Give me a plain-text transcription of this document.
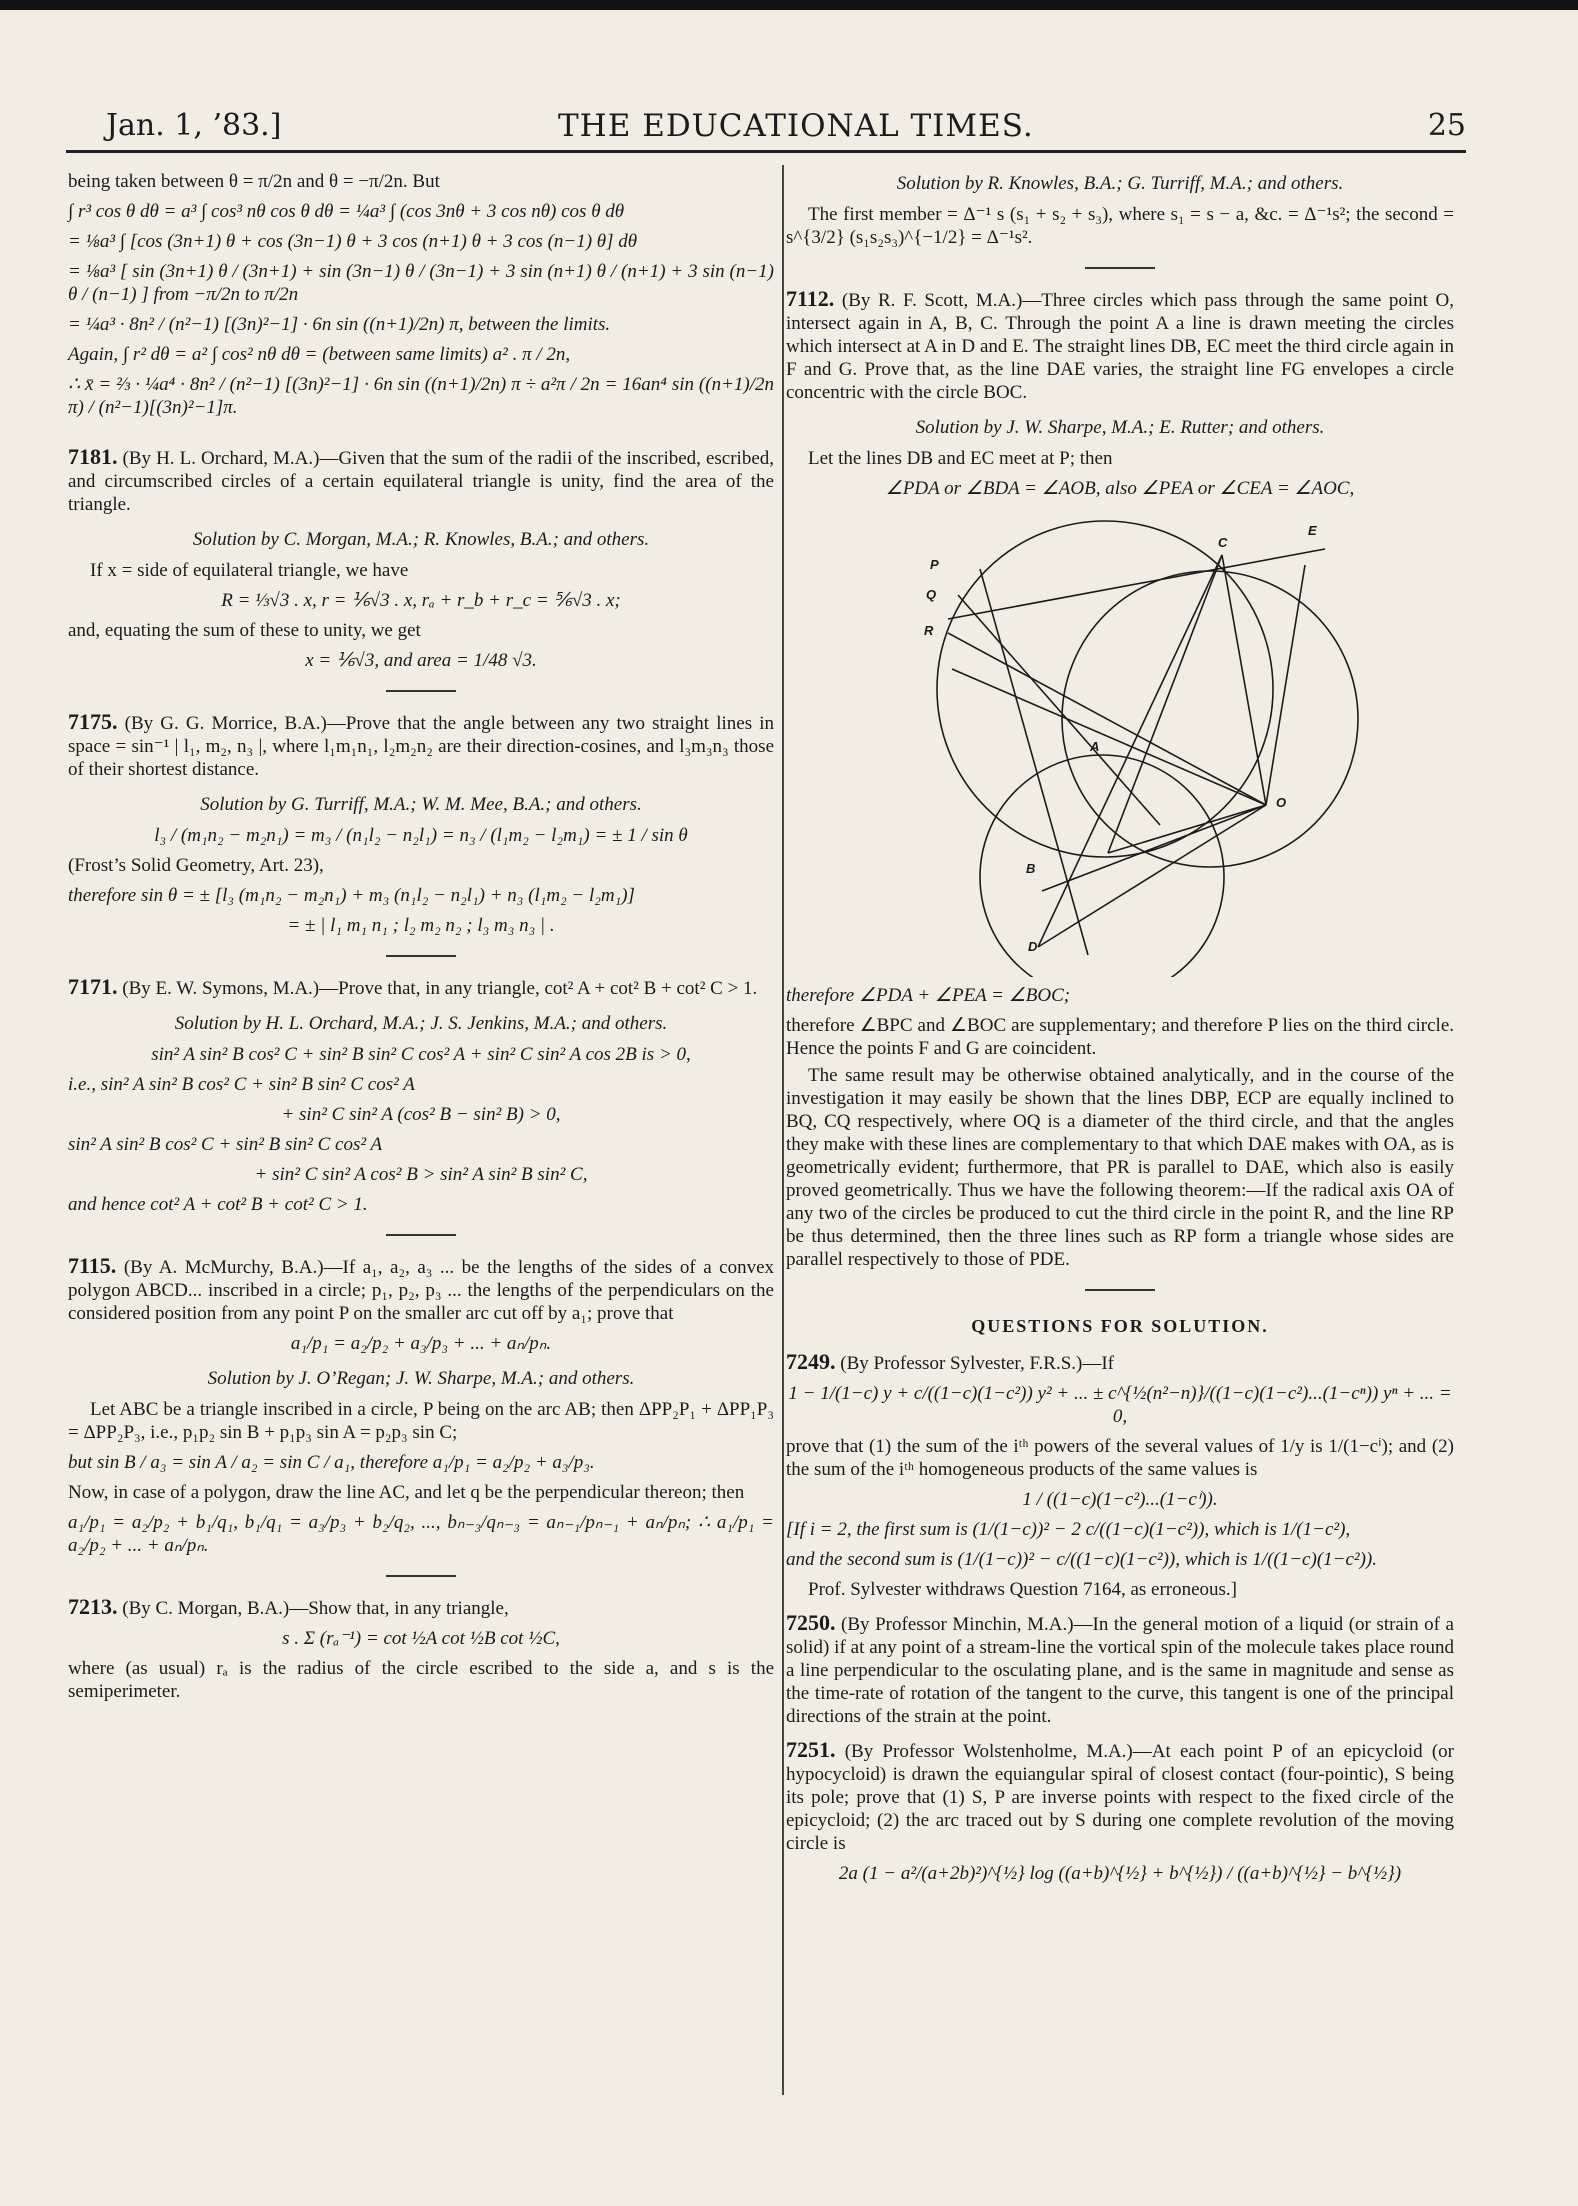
Jan. 1, ’83.]	THE EDUCATIONAL TIMES.	25

being taken between θ = π/2n and θ = −π/2n. But

∫ r³ cos θ dθ = a³ ∫ cos³ nθ cos θ dθ = ¼a³ ∫ (cos 3nθ + 3 cos nθ) cos θ dθ

= ⅛a³ ∫ [cos (3n+1) θ + cos (3n−1) θ + 3 cos (n+1) θ + 3 cos (n−1) θ] dθ

= ⅛a³ [ sin (3n+1) θ / (3n+1) + sin (3n−1) θ / (3n−1) + 3 sin (n+1) θ / (n+1) + 3 sin (n−1) θ / (n−1) ] from −π/2n to π/2n

= ¼a³ · 8n² / (n²−1) [(3n)²−1] · 6n sin ((n+1)/2n) π, between the limits.

Again, ∫ r² dθ = a² ∫ cos² nθ dθ = (between same limits) a² . π / 2n,

∴ x̄ = ⅔ · ¼a⁴ · 8n² / (n²−1) [(3n)²−1] · 6n sin ((n+1)/2n) π ÷ a²π / 2n = 16an⁴ sin ((n+1)/2n π) / (n²−1)[(3n)²−1]π.

7181. (By H. L. Orchard, M.A.)—Given that the sum of the radii of the inscribed, escribed, and circumscribed circles of a certain equilateral triangle is unity, find the area of the triangle.

Solution by C. Morgan, M.A.; R. Knowles, B.A.; and others.

If x = side of equilateral triangle, we have

R = ⅓√3 . x, r = ⅙√3 . x, rₐ + r_b + r_c = ⅚√3 . x;

and, equating the sum of these to unity, we get

x = ⅙√3, and area = 1/48 √3.

7175. (By G. G. Morrice, B.A.)—Prove that the angle between any two straight lines in space = sin⁻¹ | l₁, m₂, n₃ |, where l₁m₁n₁, l₂m₂n₂ are their direction-cosines, and l₃m₃n₃ those of their shortest distance.

Solution by G. Turriff, M.A.; W. M. Mee, B.A.; and others.

l₃ / (m₁n₂ − m₂n₁) = m₃ / (n₁l₂ − n₂l₁) = n₃ / (l₁m₂ − l₂m₁) = ± 1 / sin θ

(Frost’s Solid Geometry, Art. 23),

therefore sin θ = ± [l₃ (m₁n₂ − m₂n₁) + m₃ (n₁l₂ − n₂l₁) + n₃ (l₁m₂ − l₂m₁)]

= ± | l₁ m₁ n₁ ; l₂ m₂ n₂ ; l₃ m₃ n₃ | .

7171. (By E. W. Symons, M.A.)—Prove that, in any triangle, cot² A + cot² B + cot² C > 1.

Solution by H. L. Orchard, M.A.; J. S. Jenkins, M.A.; and others.

sin² A sin² B cos² C + sin² B sin² C cos² A + sin² C sin² A cos 2B is > 0,

i.e., sin² A sin² B cos² C + sin² B sin² C cos² A

+ sin² C sin² A (cos² B − sin² B) > 0,

sin² A sin² B cos² C + sin² B sin² C cos² A

+ sin² C sin² A cos² B > sin² A sin² B sin² C,

and hence cot² A + cot² B + cot² C > 1.

7115. (By A. McMurchy, B.A.)—If a₁, a₂, a₃ ... be the lengths of the sides of a convex polygon ABCD... inscribed in a circle; p₁, p₂, p₃ ... the lengths of the perpendiculars on the considered position from any point P on the smaller arc cut off by a₁; prove that

a₁/p₁ = a₂/p₂ + a₃/p₃ + ... + aₙ/pₙ.

Solution by J. O’Regan; J. W. Sharpe, M.A.; and others.

Let ABC be a triangle inscribed in a circle, P being on the arc AB; then ΔPP₂P₁ + ΔPP₁P₃ = ΔPP₂P₃, i.e., p₁p₂ sin B + p₁p₃ sin A = p₂p₃ sin C;

but sin B / a₃ = sin A / a₂ = sin C / a₁, therefore a₁/p₁ = a₂/p₂ + a₃/p₃.

Now, in case of a polygon, draw the line AC, and let q be the perpendicular thereon; then

a₁/p₁ = a₂/p₂ + b₁/q₁, b₁/q₁ = a₃/p₃ + b₂/q₂, ..., bₙ₋₃/qₙ₋₃ = aₙ₋₁/pₙ₋₁ + aₙ/pₙ; ∴ a₁/p₁ = a₂/p₂ + ... + aₙ/pₙ.

7213. (By C. Morgan, B.A.)—Show that, in any triangle,

s . Σ (rₐ⁻¹) = cot ½A cot ½B cot ½C,

where (as usual) rₐ is the radius of the circle escribed to the side a, and s is the semiperimeter.

Solution by R. Knowles, B.A.; G. Turriff, M.A.; and others.

The first member = Δ⁻¹ s (s₁ + s₂ + s₃), where s₁ = s − a, &c. = Δ⁻¹s²; the second = s^{3/2} (s₁s₂s₃)^{−1/2} = Δ⁻¹s².

7112. (By R. F. Scott, M.A.)—Three circles which pass through the same point O, intersect again in A, B, C. Through the point A a line is drawn meeting the circles which intersect at A in D and E. The straight lines DB, EC meet the third circle again in F and G. Prove that, as the line DAE varies, the straight line FG envelopes a circle concentric with the circle BOC.

Solution by J. W. Sharpe, M.A.; E. Rutter; and others.

Let the lines DB and EC meet at P; then

∠PDA or ∠BDA = ∠AOB, also ∠PEA or ∠CEA = ∠AOC,

P
Q
R
C
E
A
O
B
D

therefore ∠PDA + ∠PEA = ∠BOC;

therefore ∠BPC and ∠BOC are supplementary; and therefore P lies on the third circle. Hence the points F and G are coincident.

The same result may be otherwise obtained analytically, and in the course of the investigation it may easily be shown that the lines DBP, ECP are equally inclined to BQ, CQ respectively, where OQ is a diameter of the third circle, and that the angles they make with these lines are complementary to that which DAE makes with OA, as is geometrically evident; furthermore, that PR is parallel to DAE, which also is easily proved geometrically. Thus we have the following theorem:—If the radical axis OA of any two of the circles be produced to cut the third circle in the point R, and the line RP be thus determined, then the three lines such as RP form a triangle whose sides are parallel respectively to those of PDE.

QUESTIONS FOR SOLUTION.

7249. (By Professor Sylvester, F.R.S.)—If

1 − 1/(1−c) y + c/((1−c)(1−c²)) y² + ... ± c^{½(n²−n)}/((1−c)(1−c²)...(1−cⁿ)) yⁿ + ... = 0,

prove that (1) the sum of the iᵗʰ powers of the several values of 1/y is 1/(1−cⁱ); and (2) the sum of the iᵗʰ homogeneous products of the same values is

1 / ((1−c)(1−c²)...(1−cⁱ)).

[If i = 2, the first sum is (1/(1−c))² − 2 c/((1−c)(1−c²)), which is 1/(1−c²),

and the second sum is (1/(1−c))² − c/((1−c)(1−c²)), which is 1/((1−c)(1−c²)).

Prof. Sylvester withdraws Question 7164, as erroneous.]

7250. (By Professor Minchin, M.A.)—In the general motion of a liquid (or strain of a solid) if at any point of a stream-line the vortical spin of the molecule takes place round a line perpendicular to the osculating plane, and is the same in magnitude and sense as the time-rate of rotation of the tangent to the curve, this tangent is one of the principal directions of the strain at the point.

7251. (By Professor Wolstenholme, M.A.)—At each point P of an epicycloid (or hypocycloid) is drawn the equiangular spiral of closest contact (four-pointic), S being its pole; prove that (1) S, P are inverse points with respect to the fixed circle of the epicycloid; (2) the arc traced out by S during one complete revolution of the moving circle is

2a (1 − a²/(a+2b)²)^{½} log ((a+b)^{½} + b^{½}) / ((a+b)^{½} − b^{½})
